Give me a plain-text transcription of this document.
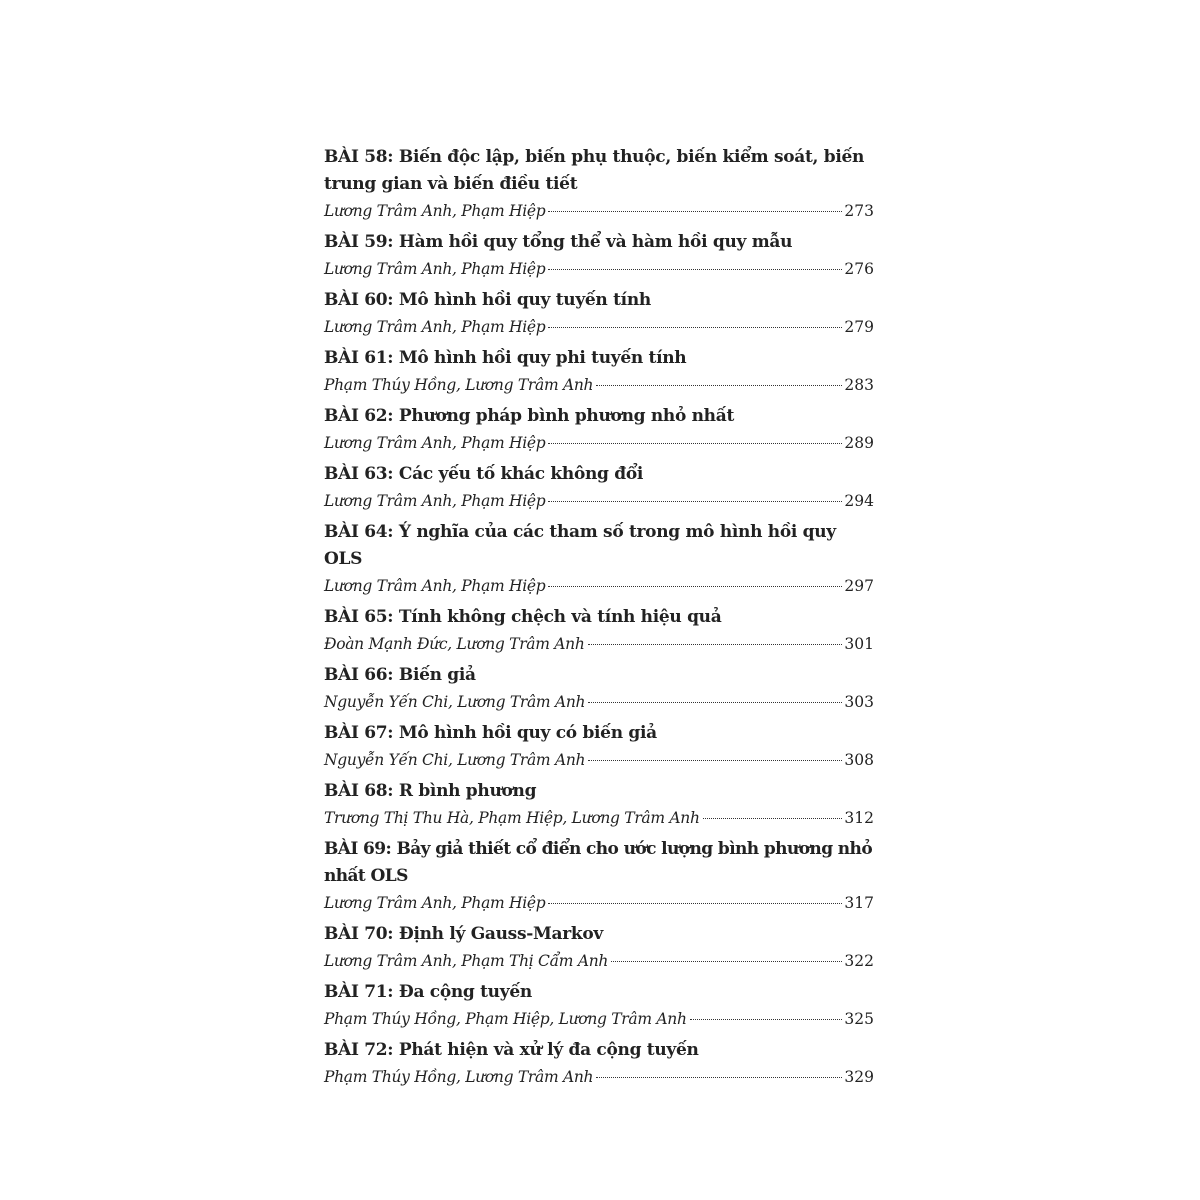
BÀI 58: Biến độc lập, biến phụ thuộc, biến kiểm soát, biến trung gian và biến điều tiết

Lương Trâm Anh, Phạm Hiệp	273

BÀI 59: Hàm hồi quy tổng thể và hàm hồi quy mẫu

Lương Trâm Anh, Phạm Hiệp	276

BÀI 60: Mô hình hồi quy tuyến tính

Lương Trâm Anh, Phạm Hiệp	279

BÀI 61: Mô hình hồi quy phi tuyến tính

Phạm Thúy Hồng, Lương Trâm Anh	283

BÀI 62: Phương pháp bình phương nhỏ nhất

Lương Trâm Anh, Phạm Hiệp	289

BÀI 63: Các yếu tố khác không đổi

Lương Trâm Anh, Phạm Hiệp	294

BÀI 64: Ý nghĩa của các tham số trong mô hình hồi quy OLS

Lương Trâm Anh, Phạm Hiệp	297

BÀI 65: Tính không chệch và tính hiệu quả

Đoàn Mạnh Đức, Lương Trâm Anh	301

BÀI 66: Biến giả

Nguyễn Yến Chi, Lương Trâm Anh	303

BÀI 67: Mô hình hồi quy có biến giả

Nguyễn Yến Chi, Lương Trâm Anh	308

BÀI 68: R bình phương

Trương Thị Thu Hà, Phạm Hiệp, Lương Trâm Anh	312

BÀI 69: Bảy giả thiết cổ điển cho ước lượng bình phương nhỏ nhất OLS

Lương Trâm Anh, Phạm Hiệp	317

BÀI 70: Định lý Gauss-Markov

Lương Trâm Anh, Phạm Thị Cẩm Anh	322

BÀI 71: Đa cộng tuyến

Phạm Thúy Hồng, Phạm Hiệp, Lương Trâm Anh	325

BÀI 72: Phát hiện và xử lý đa cộng tuyến

Phạm Thúy Hồng, Lương Trâm Anh	329
